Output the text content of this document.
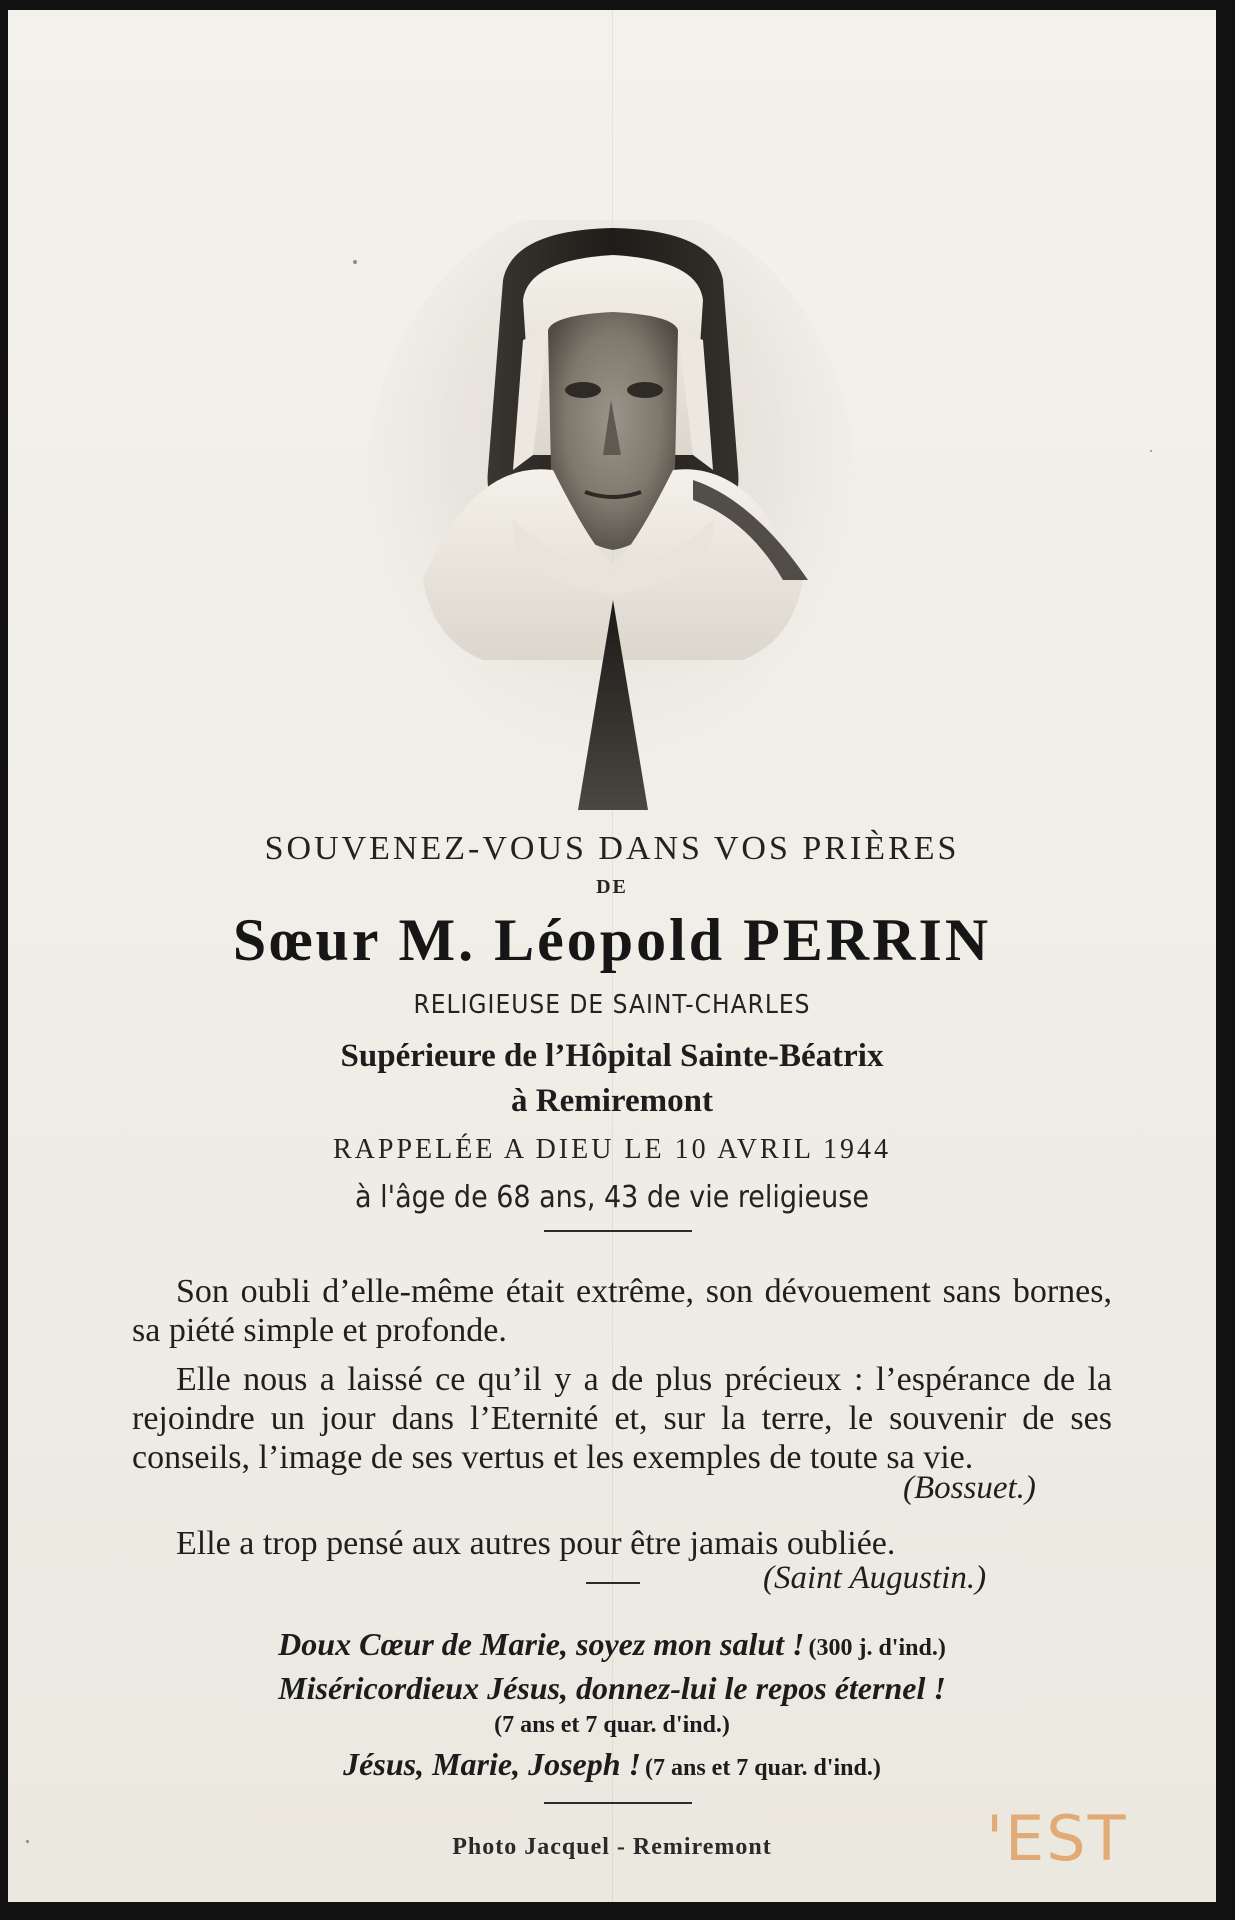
SOUVENEZ-VOUS DANS VOS PRIÈRES
DE
Sœur M. Léopold PERRIN
RELIGIEUSE DE SAINT-CHARLES
Supérieure de l’Hôpital Sainte-Béatrix
à Remiremont
RAPPELÉE A DIEU LE 10 AVRIL 1944
à l'âge de 68 ans, 43 de vie religieuse

Son oubli d’elle-même était extrême, son dévouement sans bornes, sa piété simple et profonde.

Elle nous a laissé ce qu’il y a de plus précieux : l’espérance de la rejoindre un jour dans l’Eternité et, sur la terre, le souvenir de ses conseils, l’image de ses vertus et les exemples de toute sa vie.

(Bossuet.)

Elle a trop pensé aux autres pour être jamais oubliée.

(Saint Augustin.)
Doux Cœur de Marie, soyez mon salut ! (300 j. d'ind.)
Miséricordieux Jésus, donnez-lui le repos éternel !
(7 ans et 7 quar. d'ind.)
Jésus, Marie, Joseph ! (7 ans et 7 quar. d'ind.)
Photo Jacquel - Remiremont	'EST
